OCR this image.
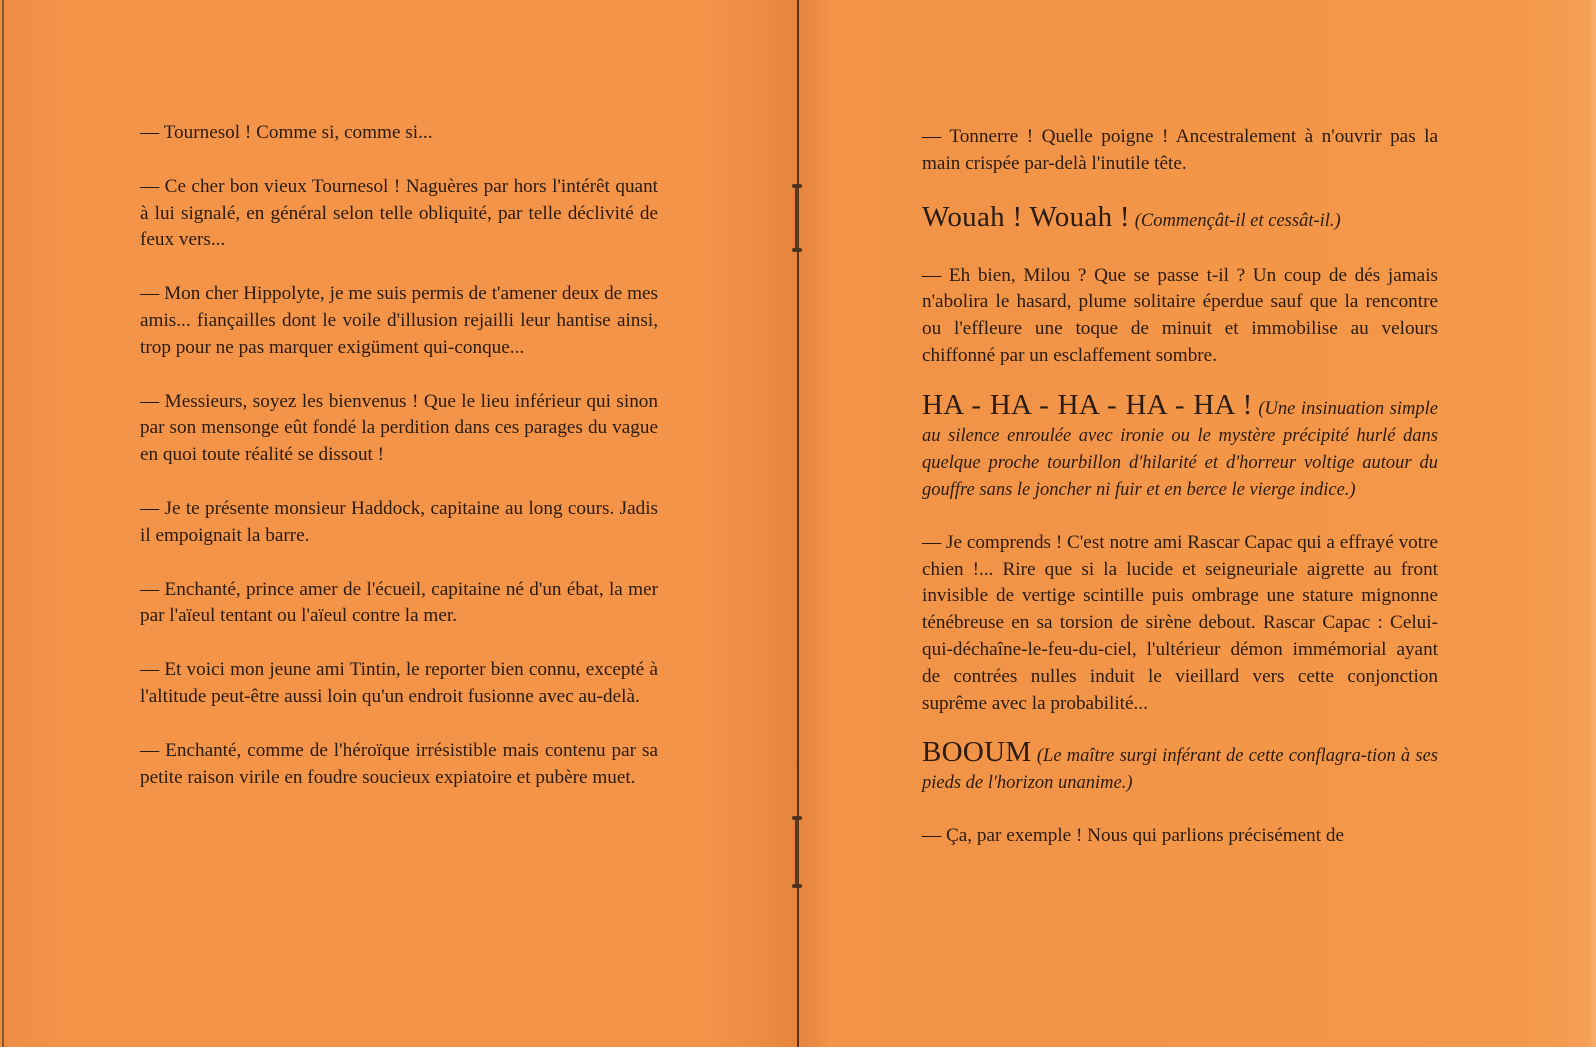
— Tournesol ! Comme si, comme si...

— Ce cher bon vieux Tournesol ! Naguères par hors l'intérêt quant à lui signalé, en général selon telle obliquité, par telle déclivité de feux vers...

— Mon cher Hippolyte, je me suis permis de t'amener deux de mes amis... fiançailles dont le voile d'illusion rejailli leur hantise ainsi, trop pour ne pas marquer exigüment qui-conque...

— Messieurs, soyez les bienvenus ! Que le lieu inférieur qui sinon par son mensonge eût fondé la perdition dans ces parages du vague en quoi toute réalité se dissout !

— Je te présente monsieur Haddock, capitaine au long cours. Jadis il empoignait la barre.

— Enchanté, prince amer de l'écueil, capitaine né d'un ébat, la mer par l'aïeul tentant ou l'aïeul contre la mer.

— Et voici mon jeune ami Tintin, le reporter bien connu, excepté à l'altitude peut-être aussi loin qu'un endroit fusionne avec au-delà.

— Enchanté, comme de l'héroïque irrésistible mais contenu par sa petite raison virile en foudre soucieux expiatoire et pubère muet.

— Tonnerre ! Quelle poigne ! Ancestralement à n'ouvrir pas la main crispée par-delà l'inutile tête.

Wouah ! Wouah ! (Commençât-il et cessât-il.)

— Eh bien, Milou ? Que se passe t-il ? Un coup de dés jamais n'abolira le hasard, plume solitaire éperdue sauf que la rencontre ou l'effleure une toque de minuit et immobilise au velours chiffonné par un esclaffement sombre.

HA - HA - HA - HA - HA ! (Une insinuation simple au silence enroulée avec ironie ou le mystère précipité hurlé dans quelque proche tourbillon d'hilarité et d'horreur voltige autour du gouffre sans le joncher ni fuir et en berce le vierge indice.)

— Je comprends ! C'est notre ami Rascar Capac qui a effrayé votre chien !... Rire que si la lucide et seigneuriale aigrette au front invisible de vertige scintille puis ombrage une stature mignonne ténébreuse en sa torsion de sirène debout. Rascar Capac : Celui-qui-déchaîne-le-feu-du-ciel, l'ultérieur démon immémorial ayant de contrées nulles induit le vieillard vers cette conjonction suprême avec la probabilité...

BOOUM (Le maître surgi inférant de cette conflagra-tion à ses pieds de l'horizon unanime.)

— Ça, par exemple ! Nous qui parlions précisément de
